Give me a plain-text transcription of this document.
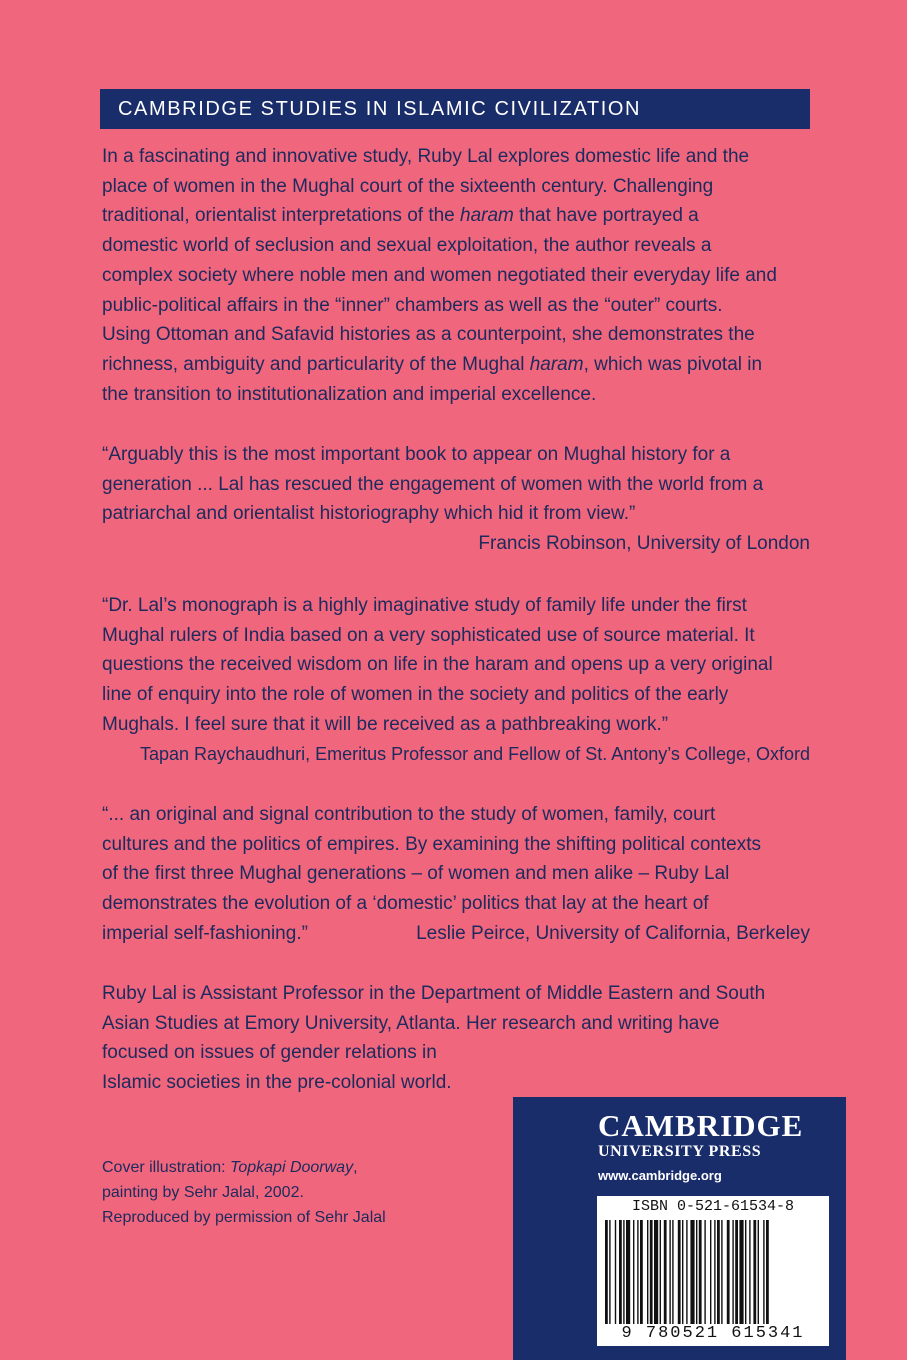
CAMBRIDGE STUDIES IN ISLAMIC CIVILIZATION
In a fascinating and innovative study, Ruby Lal explores domestic life and the
place of women in the Mughal court of the sixteenth century. Challenging
traditional, orientalist interpretations of the haram that have portrayed a
domestic world of seclusion and sexual exploitation, the author reveals a
complex society where noble men and women negotiated their everyday life and
public-political affairs in the “inner” chambers as well as the “outer” courts.
Using Ottoman and Safavid histories as a counterpoint, she demonstrates the
richness, ambiguity and particularity of the Mughal haram, which was pivotal in
the transition to institutionalization and imperial excellence.
“Arguably this is the most important book to appear on Mughal history for a
generation ... Lal has rescued the engagement of women with the world from a
patriarchal and orientalist historiography which hid it from view.”
Francis Robinson, University of London
“Dr. Lal’s monograph is a highly imaginative study of family life under the first
Mughal rulers of India based on a very sophisticated use of source material. It
questions the received wisdom on life in the haram and opens up a very original
line of enquiry into the role of women in the society and politics of the early
Mughals. I feel sure that it will be received as a pathbreaking work.”
Tapan Raychaudhuri, Emeritus Professor and Fellow of St. Antony’s College, Oxford
“... an original and signal contribution to the study of women, family, court
cultures and the politics of empires. By examining the shifting political contexts
of the first three Mughal generations – of women and men alike – Ruby Lal
demonstrates the evolution of a ‘domestic’ politics that lay at the heart of
imperial self-fashioning.”	Leslie Peirce, University of California, Berkeley
Ruby Lal is Assistant Professor in the Department of Middle Eastern and South
Asian Studies at Emory University, Atlanta. Her research and writing have
focused on issues of gender relations in
Islamic societies in the pre-colonial world.
Cover illustration: Topkapi Doorway,
painting by Sehr Jalal, 2002.
Reproduced by permission of Sehr Jalal
CAMBRIDGE
UNIVERSITY PRESS
www.cambridge.org
ISBN 0-521-61534-8
9 780521 615341
